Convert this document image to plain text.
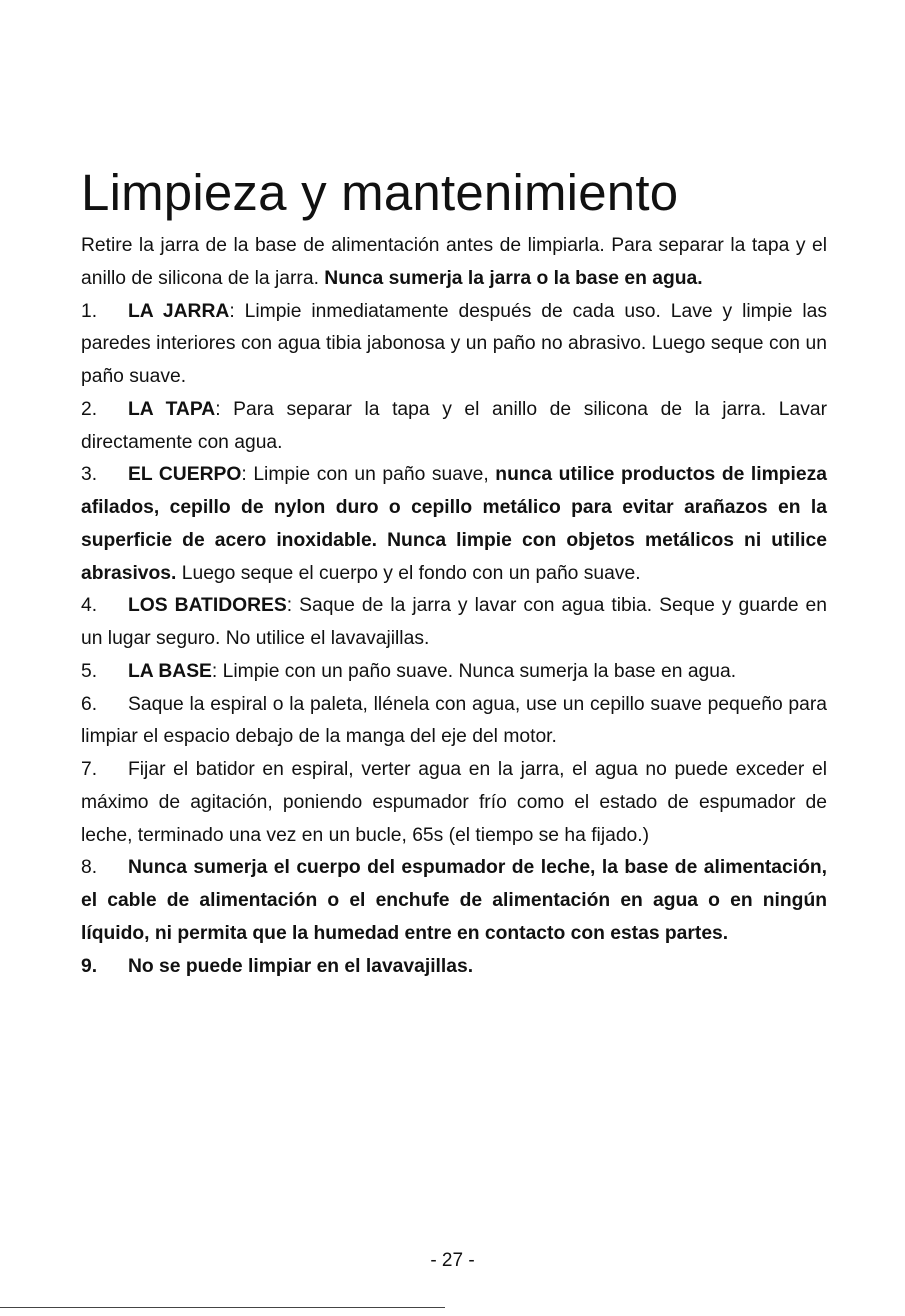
Limpieza y mantenimiento

Retire la jarra de la base de alimentación antes de limpiarla. Para separar la tapa y el anillo de silicona de la jarra. Nunca sumerja la jarra o la base en agua.

1. LA JARRA: Limpie inmediatamente después de cada uso. Lave y limpie las paredes interiores con agua tibia jabonosa y un paño no abrasivo. Luego seque con un paño suave.

2. LA TAPA: Para separar la tapa y el anillo de silicona de la jarra. Lavar directamente con agua.

3. EL CUERPO: Limpie con un paño suave, nunca utilice productos de limpieza afilados, cepillo de nylon duro o cepillo metálico para evitar arañazos en la superficie de acero inoxidable. Nunca limpie con objetos metálicos ni utilice abrasivos. Luego seque el cuerpo y el fondo con un paño suave.

4. LOS BATIDORES: Saque de la jarra y lavar con agua tibia. Seque y guarde en un lugar seguro. No utilice el lavavajillas.

5. LA BASE: Limpie con un paño suave. Nunca sumerja la base en agua.

6. Saque la espiral o la paleta, llénela con agua, use un cepillo suave pequeño para limpiar el espacio debajo de la manga del eje del motor.

7. Fijar el batidor en espiral, verter agua en la jarra, el agua no puede exceder el máximo de agitación, poniendo espumador frío como el estado de espumador de leche, terminado una vez en un bucle, 65s (el tiempo se ha fijado.)

8. Nunca sumerja el cuerpo del espumador de leche, la base de alimentación, el cable de alimentación o el enchufe de alimentación en agua o en ningún líquido, ni permita que la humedad entre en contacto con estas partes.

9. No se puede limpiar en el lavavajillas.

- 27 -
